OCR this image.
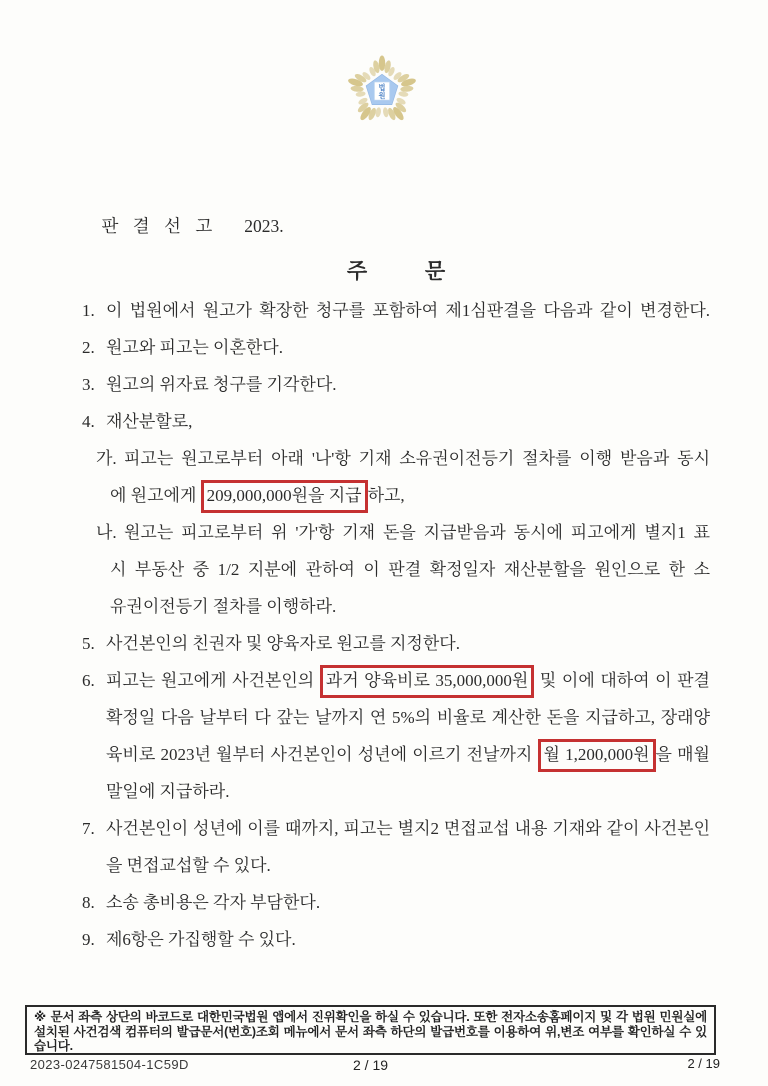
법
원

판 결 선 고 2023.

주           문
1. 이 법원에서 원고가 확장한 청구를 포함하여 제1심판결을 다음과 같이 변경한다.
2. 원고와 피고는 이혼한다.
3. 원고의 위자료 청구를 기각한다.
4. 재산분할로,
가. 피고는 원고로부터 아래 '나'항 기재 소유권이전등기 절차를 이행 받음과 동시
에 원고에게 209,000,000원을 지급 하고,
나. 원고는 피고로부터 위 '가'항 기재 돈을 지급받음과 동시에 피고에게 별지1 표
시 부동산 중 1/2 지분에 관하여 이 판결 확정일자 재산분할을 원인으로 한 소
유권이전등기 절차를 이행하라.
5. 사건본인의 친권자 및 양육자로 원고를 지정한다.
6. 피고는 원고에게 사건본인의 과거 양육비로 35,000,000원 및 이에 대하여 이 판결
확정일 다음 날부터 다 갚는 날까지 연 5%의 비율로 계산한 돈을 지급하고, 장래양
육비로 2023년 월부터 사건본인이 성년에 이르기 전날까지 월 1,200,000원 을 매월
말일에 지급하라.
7. 사건본인이 성년에 이를 때까지, 피고는 별지2 면접교섭 내용 기재와 같이 사건본인
을 면접교섭할 수 있다.
8. 소송 총비용은 각자 부담한다.
9. 제6항은 가집행할 수 있다.
※ 문서 좌측 상단의 바코드로 대한민국법원 앱에서 진위확인을 하실 수 있습니다. 또한 전자소송홈페이지 및 각 법원 민원실에 설치된 사건검색 컴퓨터의 발급문서(번호)조회 메뉴에서 문서 좌측 하단의 발급번호를 이용하여 위,변조 여부를 확인하실 수 있습니다.
2023-0247581504-1C59D	2 / 19	2 / 19
